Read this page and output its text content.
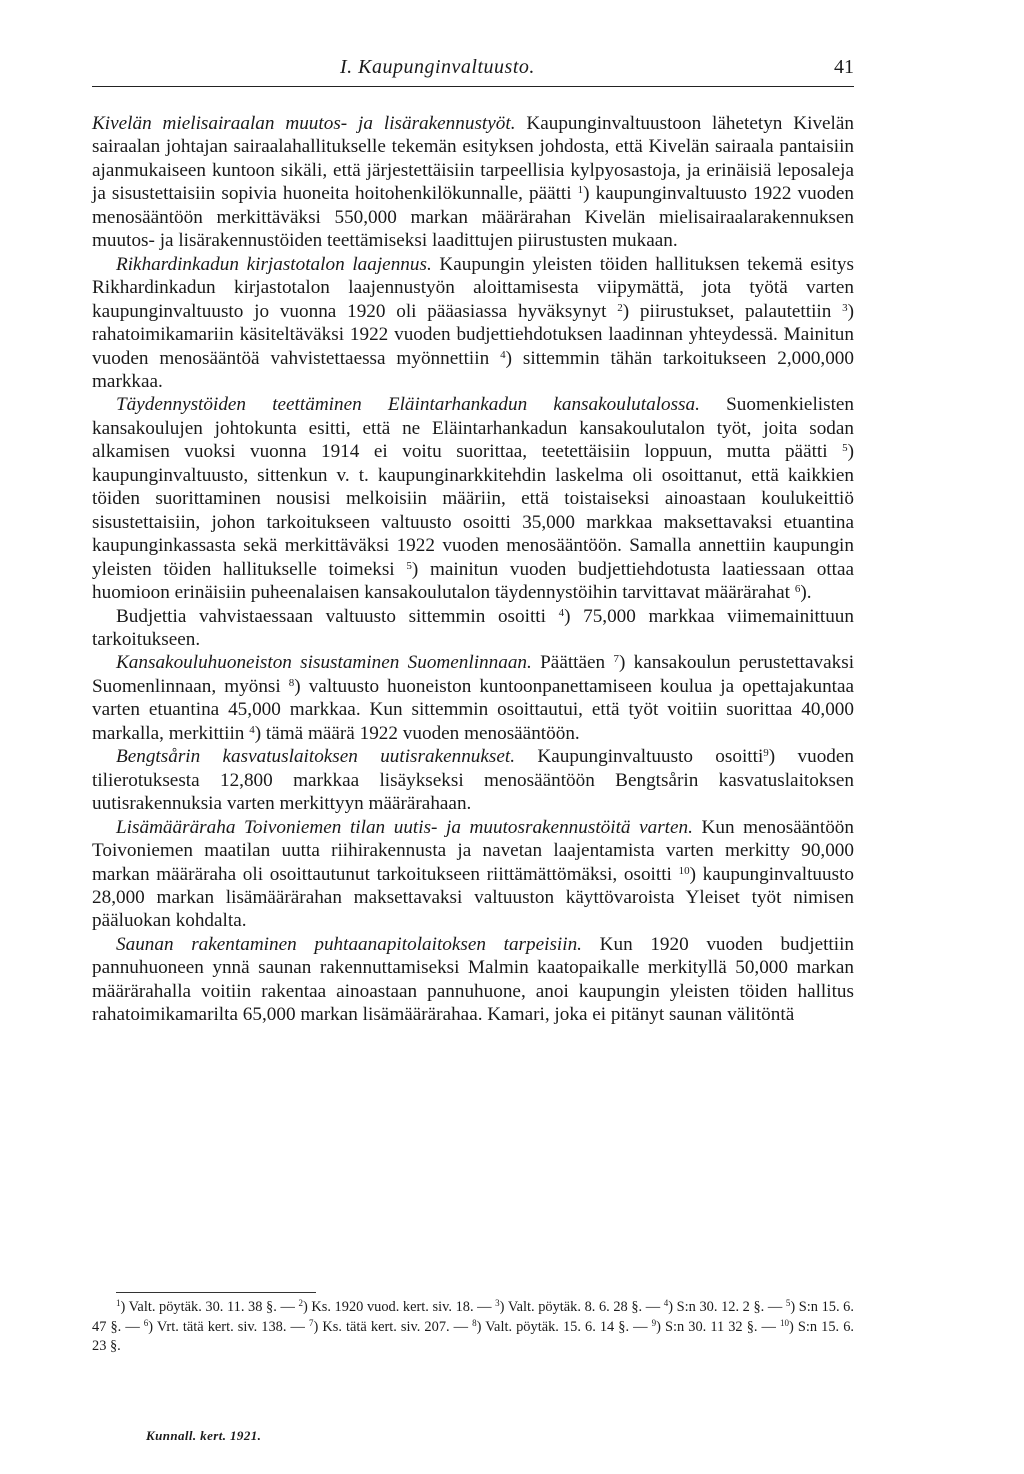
I. Kaupunginvaltuusto.	41

Kivelän mielisairaalan muutos- ja lisärakennustyöt. Kaupunginvaltuustoon lähetetyn Kivelän sairaalan johtajan sairaalahallitukselle tekemän esityksen johdosta, että Kivelän sairaala pantaisiin ajanmukaiseen kuntoon sikäli, että järjestettäisiin tarpeellisia kylpyosastoja, ja erinäisiä leposaleja ja sisustettaisiin sopivia huoneita hoitohenkilökunnalle, päätti $^1$) kaupunginvaltuusto 1922 vuoden menosääntöön merkittäväksi 550,000 markan määrärahan Kivelän mielisairaalarakennuksen muutos- ja lisärakennustöiden teettämiseksi laadittujen piirustusten mukaan.

Rikhardinkadun kirjastotalon laajennus. Kaupungin yleisten töiden hallituksen tekemä esitys Rikhardinkadun kirjastotalon laajennustyön aloittamisesta viipymättä, jota työtä varten kaupunginvaltuusto jo vuonna 1920 oli pääasiassa hyväksynyt $^2$) piirustukset, palautettiin $^3$) rahatoimikamariin käsiteltäväksi 1922 vuoden budjettiehdotuksen laadinnan yhteydessä. Mainitun vuoden menosääntöä vahvistettaessa myönnettiin $^4$) sittemmin tähän tarkoitukseen 2,000,000 markkaa.

Täydennystöiden teettäminen Eläintarhankadun kansakoulutalossa. Suomenkielisten kansakoulujen johtokunta esitti, että ne Eläintarhankadun kansakoulutalon työt, joita sodan alkamisen vuoksi vuonna 1914 ei voitu suorittaa, teetettäisiin loppuun, mutta päätti $^5$) kaupunginvaltuusto, sittenkun v. t. kaupunginarkkitehdin laskelma oli osoittanut, että kaikkien töiden suorittaminen nousisi melkoisiin määriin, että toistaiseksi ainoastaan koulukeittiö sisustettaisiin, johon tarkoitukseen valtuusto osoitti 35,000 markkaa maksettavaksi etuantina kaupunginkassasta sekä merkittäväksi 1922 vuoden menosääntöön. Samalla annettiin kaupungin yleisten töiden hallitukselle toimeksi $^5$) mainitun vuoden budjettiehdotusta laatiessaan ottaa huomioon erinäisiin puheenalaisen kansakoulutalon täydennystöihin tarvittavat määrärahat $^6$).

Budjettia vahvistaessaan valtuusto sittemmin osoitti $^4$) 75,000 markkaa viimemainittuun tarkoitukseen.

Kansakouluhuoneiston sisustaminen Suomenlinnaan. Päättäen $^7$) kansakoulun perustettavaksi Suomenlinnaan, myönsi $^8$) valtuusto huoneiston kuntoonpanettamiseen koulua ja opettajakuntaa varten etuantina 45,000 markkaa. Kun sittemmin osoittautui, että työt voitiin suorittaa 40,000 markalla, merkittiin $^4$) tämä määrä 1922 vuoden menosääntöön.

Bengtsårin kasvatuslaitoksen uutisrakennukset. Kaupunginvaltuusto osoitti$^9$) vuoden tilierotuksesta 12,800 markkaa lisäykseksi menosääntöön Bengtsårin kasvatuslaitoksen uutisrakennuksia varten merkittyyn määrärahaan.

Lisämääräraha Toivoniemen tilan uutis- ja muutosrakennustöitä varten. Kun menosääntöön Toivoniemen maatilan uutta riihirakennusta ja navetan laajentamista varten merkitty 90,000 markan määräraha oli osoittautunut tarkoitukseen riittämättömäksi, osoitti $^{10}$) kaupunginvaltuusto 28,000 markan lisämäärärahan maksettavaksi valtuuston käyttövaroista Yleiset työt nimisen pääluokan kohdalta.

Saunan rakentaminen puhtaanapitolaitoksen tarpeisiin. Kun 1920 vuoden budjettiin pannuhuoneen ynnä saunan rakennuttamiseksi Malmin kaatopaikalle merkityllä 50,000 markan määrärahalla voitiin rakentaa ainoastaan pannuhuone, anoi kaupungin yleisten töiden hallitus rahatoimikamarilta 65,000 markan lisämäärärahaa. Kamari, joka ei pitänyt saunan välitöntä

$^1$) Valt. pöytäk. 30. 11. 38 §. — $^2$) Ks. 1920 vuod. kert. siv. 18. — $^3$) Valt. pöytäk. 8. 6. 28 §. — $^4$) S:n 30. 12. 2 §. — $^5$) S:n 15. 6. 47 §. — $^6$) Vrt. tätä kert. siv. 138. — $^7$) Ks. tätä kert. siv. 207. — $^8$) Valt. pöytäk. 15. 6. 14 §. — $^9$) S:n 30. 11 32 §. — $^{10}$) S:n 15. 6. 23 §.
Kunnall. kert. 1921.
